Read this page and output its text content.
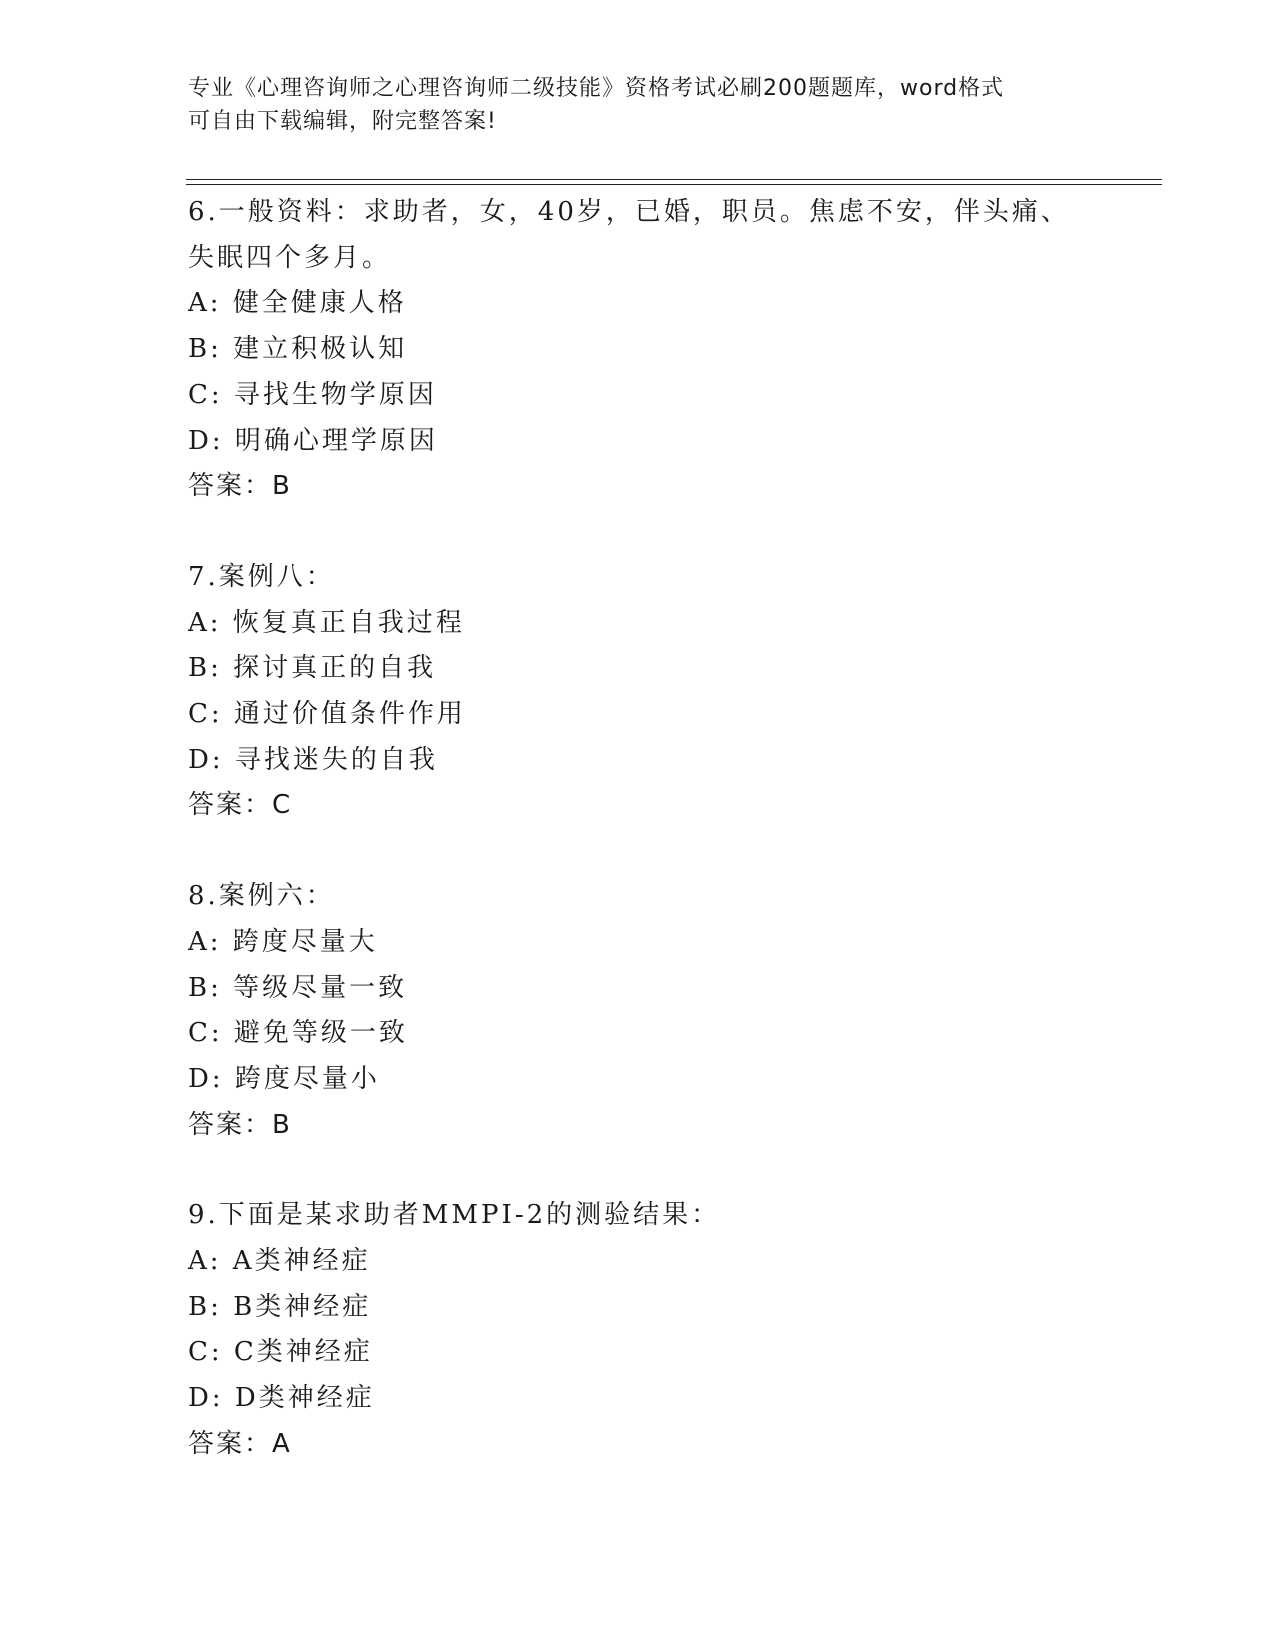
专业《心理咨询师之心理咨询师二级技能》资格考试必刷200题题库，word格式
可自由下载编辑，附完整答案!

6.一般资料：求助者，女，40岁，已婚，职员。焦虑不安，伴头痛、

失眠四个多月。

A: 健全健康人格

B: 建立积极认知

C: 寻找生物学原因

D: 明确心理学原因

答案：B

7.案例八：

A: 恢复真正自我过程

B: 探讨真正的自我

C: 通过价值条件作用

D: 寻找迷失的自我

答案：C

8.案例六：

A: 跨度尽量大

B: 等级尽量一致

C: 避免等级一致

D: 跨度尽量小

答案：B

9.下面是某求助者MMPI-2的测验结果：

A: A类神经症

B: B类神经症

C: C类神经症

D: D类神经症

答案：A
